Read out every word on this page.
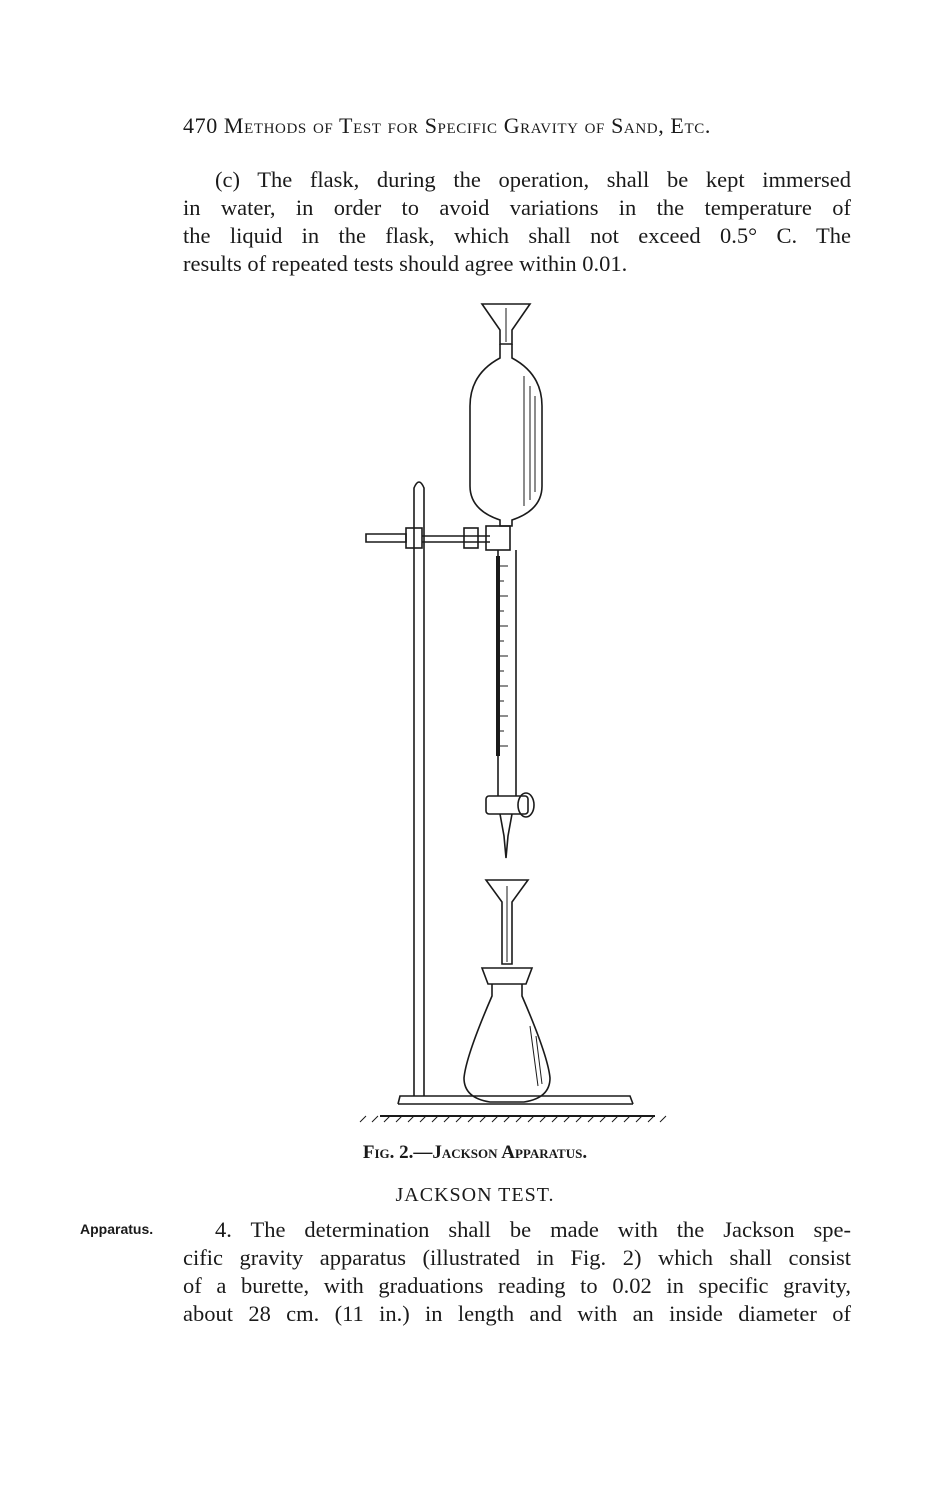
470 Methods of Test for Specific Gravity of Sand, Etc.
(c) The flask, during the operation, shall be kept immersed
in water, in order to avoid variations in the temperature of
the liquid in the flask, which shall not exceed 0.5° C. The
results of repeated tests should agree within 0.01.
Fig. 2.—Jackson Apparatus.
JACKSON TEST.
Apparatus.	4. The determination shall be made with the Jackson spe-
cific gravity apparatus (illustrated in Fig. 2) which shall consist
of a burette, with graduations reading to 0.02 in specific gravity,
about 28 cm. (11 in.) in length and with an inside diameter of
